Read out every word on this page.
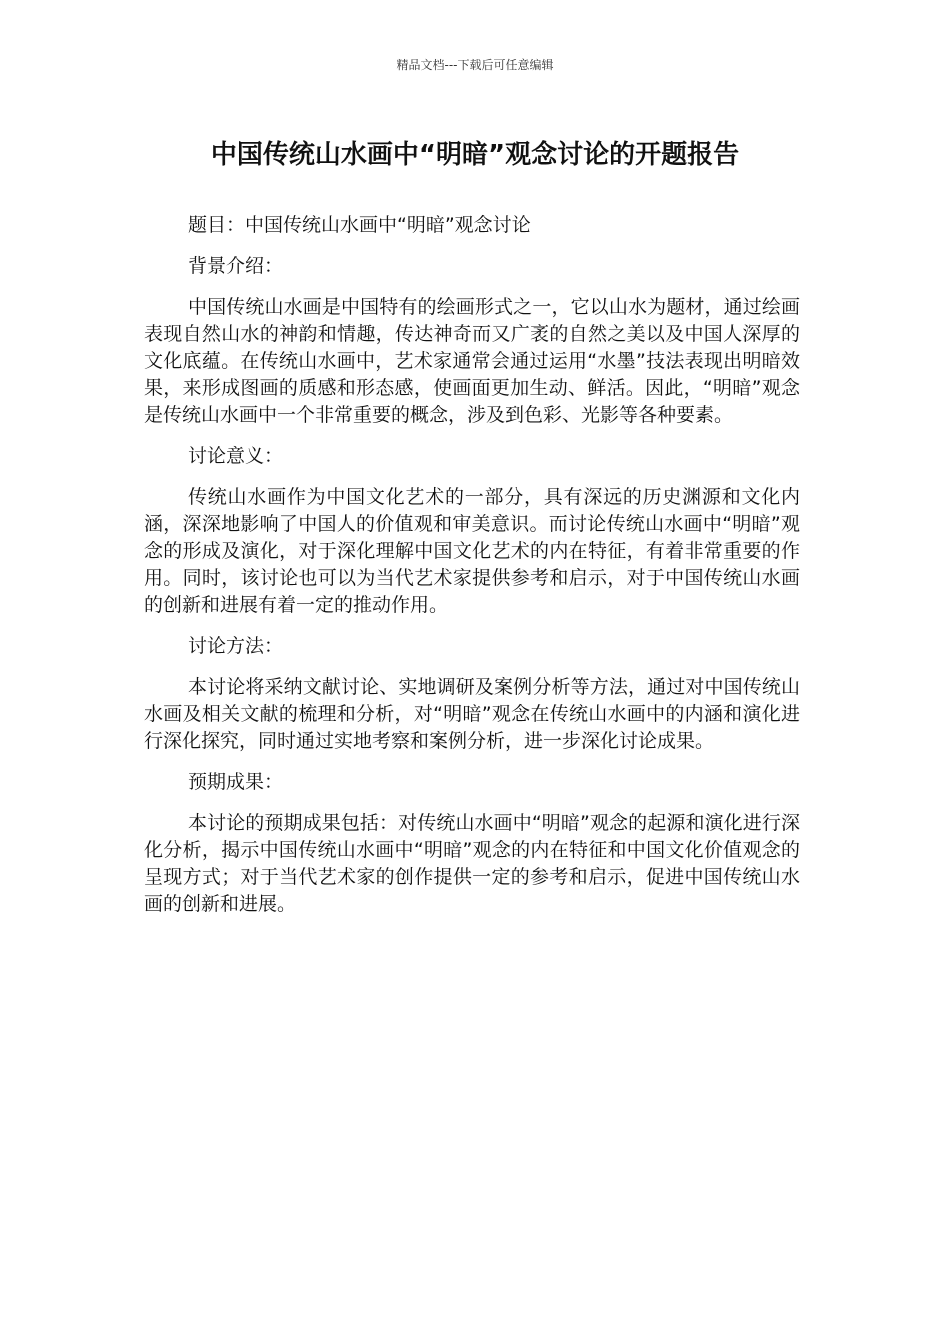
精品文档---下载后可任意编辑
中国传统山水画中“明暗”观念讨论的开题报告

题目：中国传统山水画中“明暗”观念讨论

背景介绍：

中国传统山水画是中国特有的绘画形式之一，它以山水为题材，通过绘画表现自然山水的神韵和情趣，传达神奇而又广袤的自然之美以及中国人深厚的文化底蕴。在传统山水画中，艺术家通常会通过运用“水墨”技法表现出明暗效果，来形成图画的质感和形态感，使画面更加生动、鲜活。因此，“明暗”观念是传统山水画中一个非常重要的概念，涉及到色彩、光影等各种要素。

讨论意义：

传统山水画作为中国文化艺术的一部分，具有深远的历史渊源和文化内涵，深深地影响了中国人的价值观和审美意识。而讨论传统山水画中“明暗”观念的形成及演化，对于深化理解中国文化艺术的内在特征，有着非常重要的作用。同时，该讨论也可以为当代艺术家提供参考和启示，对于中国传统山水画的创新和进展有着一定的推动作用。

讨论方法：

本讨论将采纳文献讨论、实地调研及案例分析等方法，通过对中国传统山水画及相关文献的梳理和分析，对“明暗”观念在传统山水画中的内涵和演化进行深化探究，同时通过实地考察和案例分析，进一步深化讨论成果。

预期成果：

本讨论的预期成果包括：对传统山水画中“明暗”观念的起源和演化进行深化分析，揭示中国传统山水画中“明暗”观念的内在特征和中国文化价值观念的呈现方式；对于当代艺术家的创作提供一定的参考和启示，促进中国传统山水画的创新和进展。
